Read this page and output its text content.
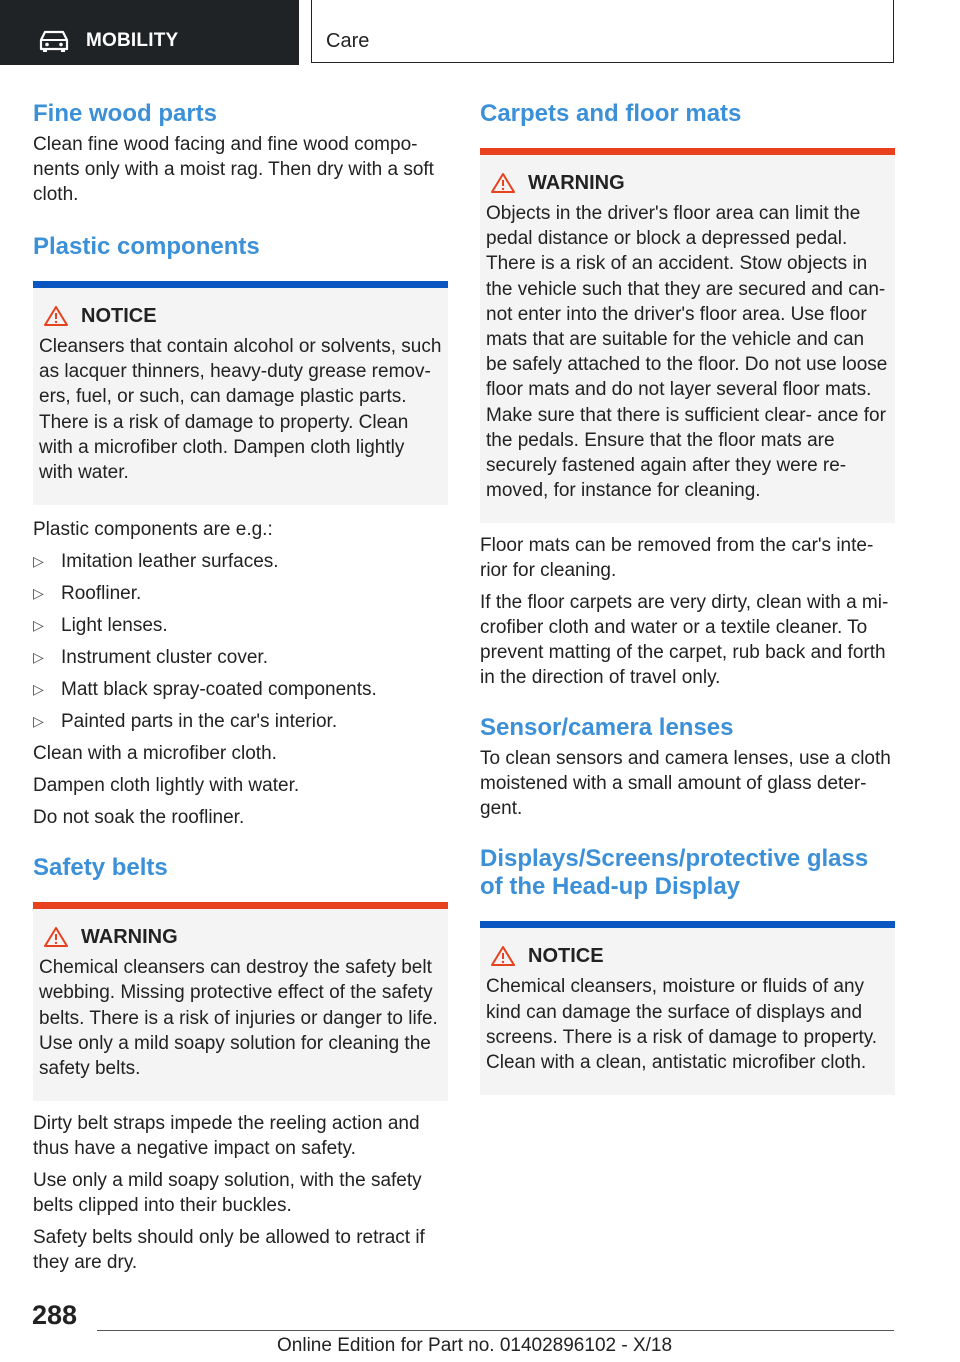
MOBILITY	Care
Fine wood parts

Clean fine wood facing and fine wood compo‐ nents only with a moist rag. Then dry with a soft cloth.

Plastic components
NOTICE

Cleansers that contain alcohol or solvents, such as lacquer thinners, heavy-duty grease remov‐ ers, fuel, or such, can damage plastic parts. There is a risk of damage to property. Clean with a microfiber cloth. Dampen cloth lightly with water.

Plastic components are e.g.:

▷ Imitation leather surfaces.
▷ Roofliner.
▷ Light lenses.
▷ Instrument cluster cover.
▷ Matt black spray-coated components.
▷ Painted parts in the car's interior.

Clean with a microfiber cloth.

Dampen cloth lightly with water.

Do not soak the roofliner.

Safety belts
WARNING

Chemical cleansers can destroy the safety belt webbing. Missing protective effect of the safety belts. There is a risk of injuries or danger to life. Use only a mild soapy solution for cleaning the safety belts.

Dirty belt straps impede the reeling action and thus have a negative impact on safety.

Use only a mild soapy solution, with the safety belts clipped into their buckles.

Safety belts should only be allowed to retract if they are dry.

Carpets and floor mats
WARNING

Objects in the driver's floor area can limit the pedal distance or block a depressed pedal. There is a risk of an accident. Stow objects in the vehicle such that they are secured and can‐ not enter into the driver's floor area. Use floor mats that are suitable for the vehicle and can be safely attached to the floor. Do not use loose floor mats and do not layer several floor mats. Make sure that there is sufficient clear‐ ance for the pedals. Ensure that the floor mats are securely fastened again after they were re‐ moved, for instance for cleaning.

Floor mats can be removed from the car's inte‐ rior for cleaning.

If the floor carpets are very dirty, clean with a mi‐ crofiber cloth and water or a textile cleaner. To prevent matting of the carpet, rub back and forth in the direction of travel only.

Sensor/camera lenses

To clean sensors and camera lenses, use a cloth moistened with a small amount of glass deter‐ gent.

Displays/Screens/protective glass of the Head-up Display
NOTICE

Chemical cleansers, moisture or fluids of any kind can damage the surface of displays and screens. There is a risk of damage to property. Clean with a clean, antistatic microfiber cloth.

288
Online Edition for Part no. 01402896102 - X/18
